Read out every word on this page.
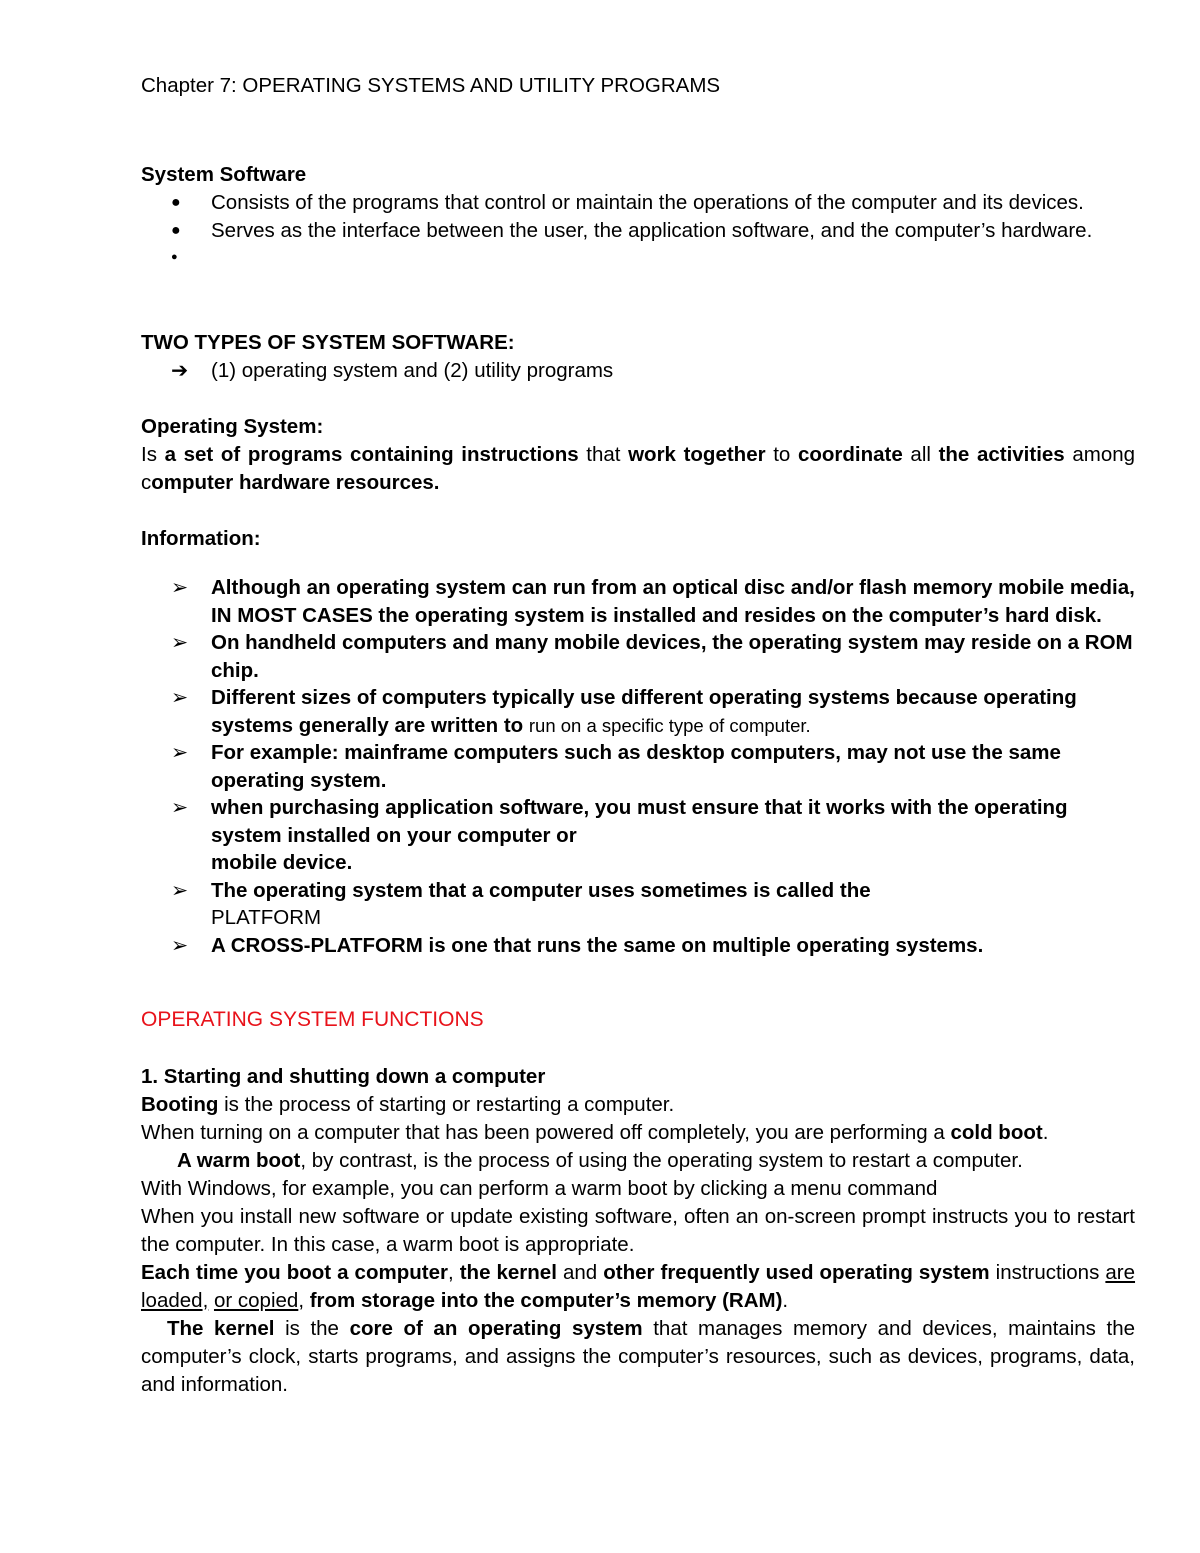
Chapter 7: OPERATING SYSTEMS AND UTILITY PROGRAMS
System Software
●	Consists of the programs that control or maintain the operations of the computer and its devices.
●	Serves as the interface between the user, the application software, and the computer’s hardware.
●

TWO TYPES OF SYSTEM SOFTWARE:
➔	(1) operating system and (2) utility programs
Operating System:
Is a set of programs containing instructions that work together to coordinate all the activities among computer hardware resources.
Information:
➢	Although an operating system can run from an optical disc and/or flash memory mobile media, IN MOST CASES the operating system is installed and resides on the computer’s hard disk.
➢	On handheld computers and many mobile devices, the operating system may reside on a ROM chip.
➢	Different sizes of computers typically use different operating systems because operating systems generally are written to run on a specific type of computer.
➢	For example: mainframe computers such as desktop computers, may not use the same operating system.
➢	when purchasing application software, you must ensure that it works with the operating system installed on your computer or
mobile device.
➢	The operating system that a computer uses sometimes is called the
PLATFORM
➢	A CROSS-PLATFORM is one that runs the same on multiple operating systems.
OPERATING SYSTEM FUNCTIONS
1. Starting and shutting down a computer
Booting is the process of starting or restarting a computer.
When turning on a computer that has been powered off completely, you are performing a cold boot.
A warm boot, by contrast, is the process of using the operating system to restart a computer.
With Windows, for example, you can perform a warm boot by clicking a menu command
When you install new software or update existing software, often an on-screen prompt instructs you to restart the computer. In this case, a warm boot is appropriate.
Each time you boot a computer, the kernel and other frequently used operating system instructions are loaded, or copied, from storage into the computer’s memory (RAM).
The kernel is the core of an operating system that manages memory and devices, maintains the computer’s clock, starts programs, and assigns the computer’s resources, such as devices, programs, data, and information.
